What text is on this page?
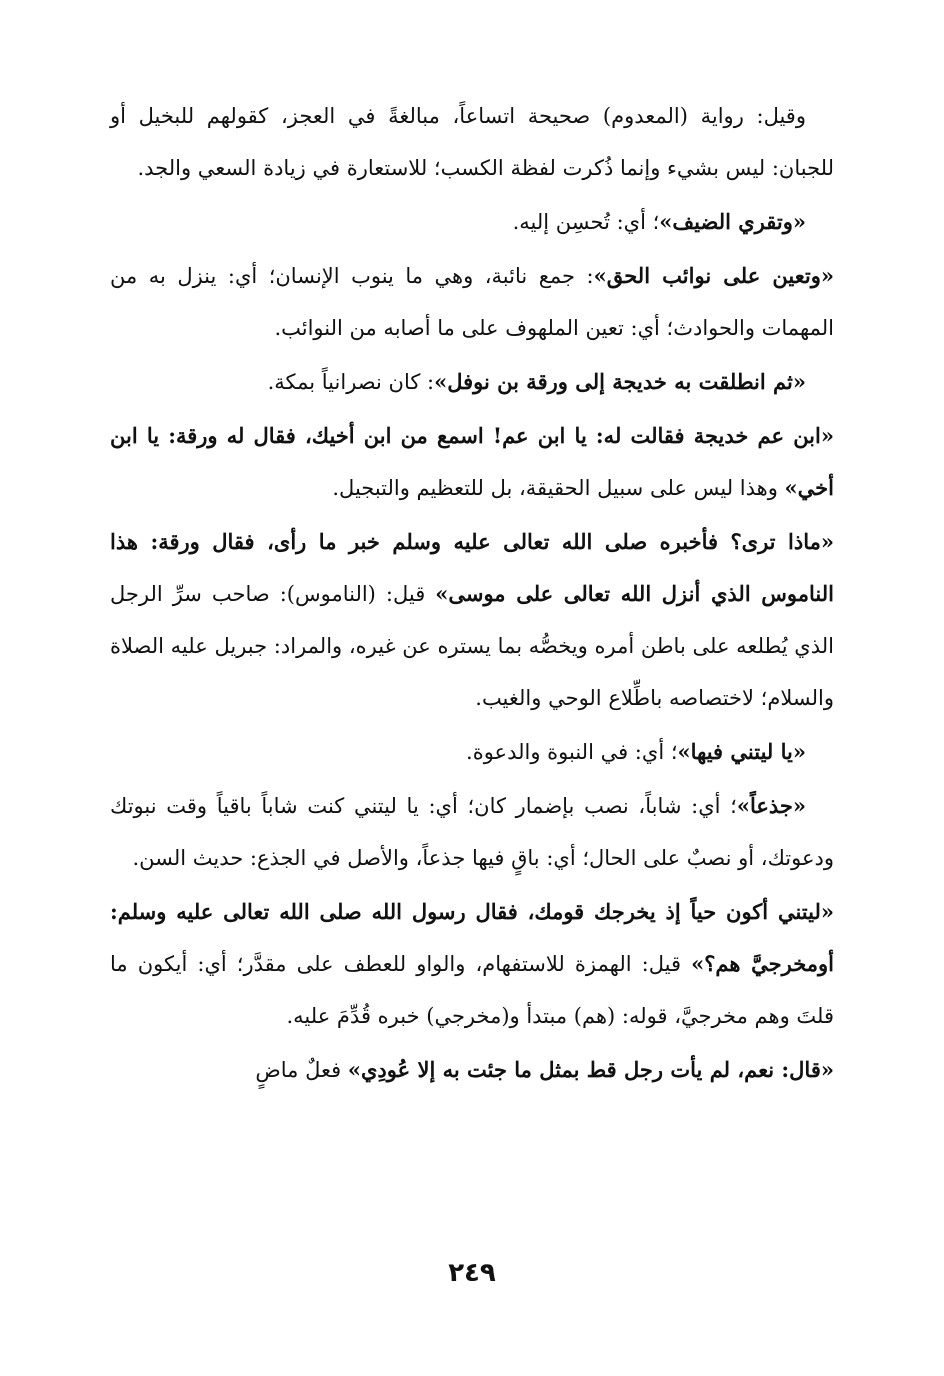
وقيل: رواية (المعدوم) صحيحة اتساعاً، مبالغةً في العجز، كقولهم للبخيل أو للجبان: ليس بشيء وإنما ذُكرت لفظة الكسب؛ للاستعارة في زيادة السعي والجد.

«وتقري الضيف»؛ أي: تُحسِن إليه.

«وتعين على نوائب الحق»: جمع نائبة، وهي ما ينوب الإنسان؛ أي: ينزل به من المهمات والحوادث؛ أي: تعين الملهوف على ما أصابه من النوائب.

«ثم انطلقت به خديجة إلى ورقة بن نوفل»: كان نصرانياً بمكة.

«ابن عم خديجة فقالت له: يا ابن عم! اسمع من ابن أخيك، فقال له ورقة: يا ابن أخي» وهذا ليس على سبيل الحقيقة، بل للتعظيم والتبجيل.

«ماذا ترى؟ فأخبره صلى الله تعالى عليه وسلم خبر ما رأى، فقال ورقة: هذا الناموس الذي أنزل الله تعالى على موسى» قيل: (الناموس): صاحب سرِّ الرجل الذي يُطلعه على باطن أمره ويخصُّه بما يستره عن غيره، والمراد: جبريل عليه الصلاة والسلام؛ لاختصاصه باطِّلاع الوحي والغيب.

«يا ليتني فيها»؛ أي: في النبوة والدعوة.

«جذعاً»؛ أي: شاباً، نصب بإضمار كان؛ أي: يا ليتني كنت شاباً باقياً وقت نبوتك ودعوتك، أو نصبٌ على الحال؛ أي: باقٍ فيها جذعاً، والأصل في الجذع: حديث السن.

«ليتني أكون حياً إذ يخرجك قومك، فقال رسول الله صلى الله تعالى عليه وسلم: أومخرجيَّ هم؟» قيل: الهمزة للاستفهام، والواو للعطف على مقدَّر؛ أي: أيكون ما قلتَ وهم مخرجيَّ، قوله: (هم) مبتدأ و(مخرجي) خبره قُدِّمَ عليه.

«قال: نعم، لم يأت رجل قط بمثل ما جئت به إلا عُودِي» فعلٌ ماضٍ

٢٤٩
